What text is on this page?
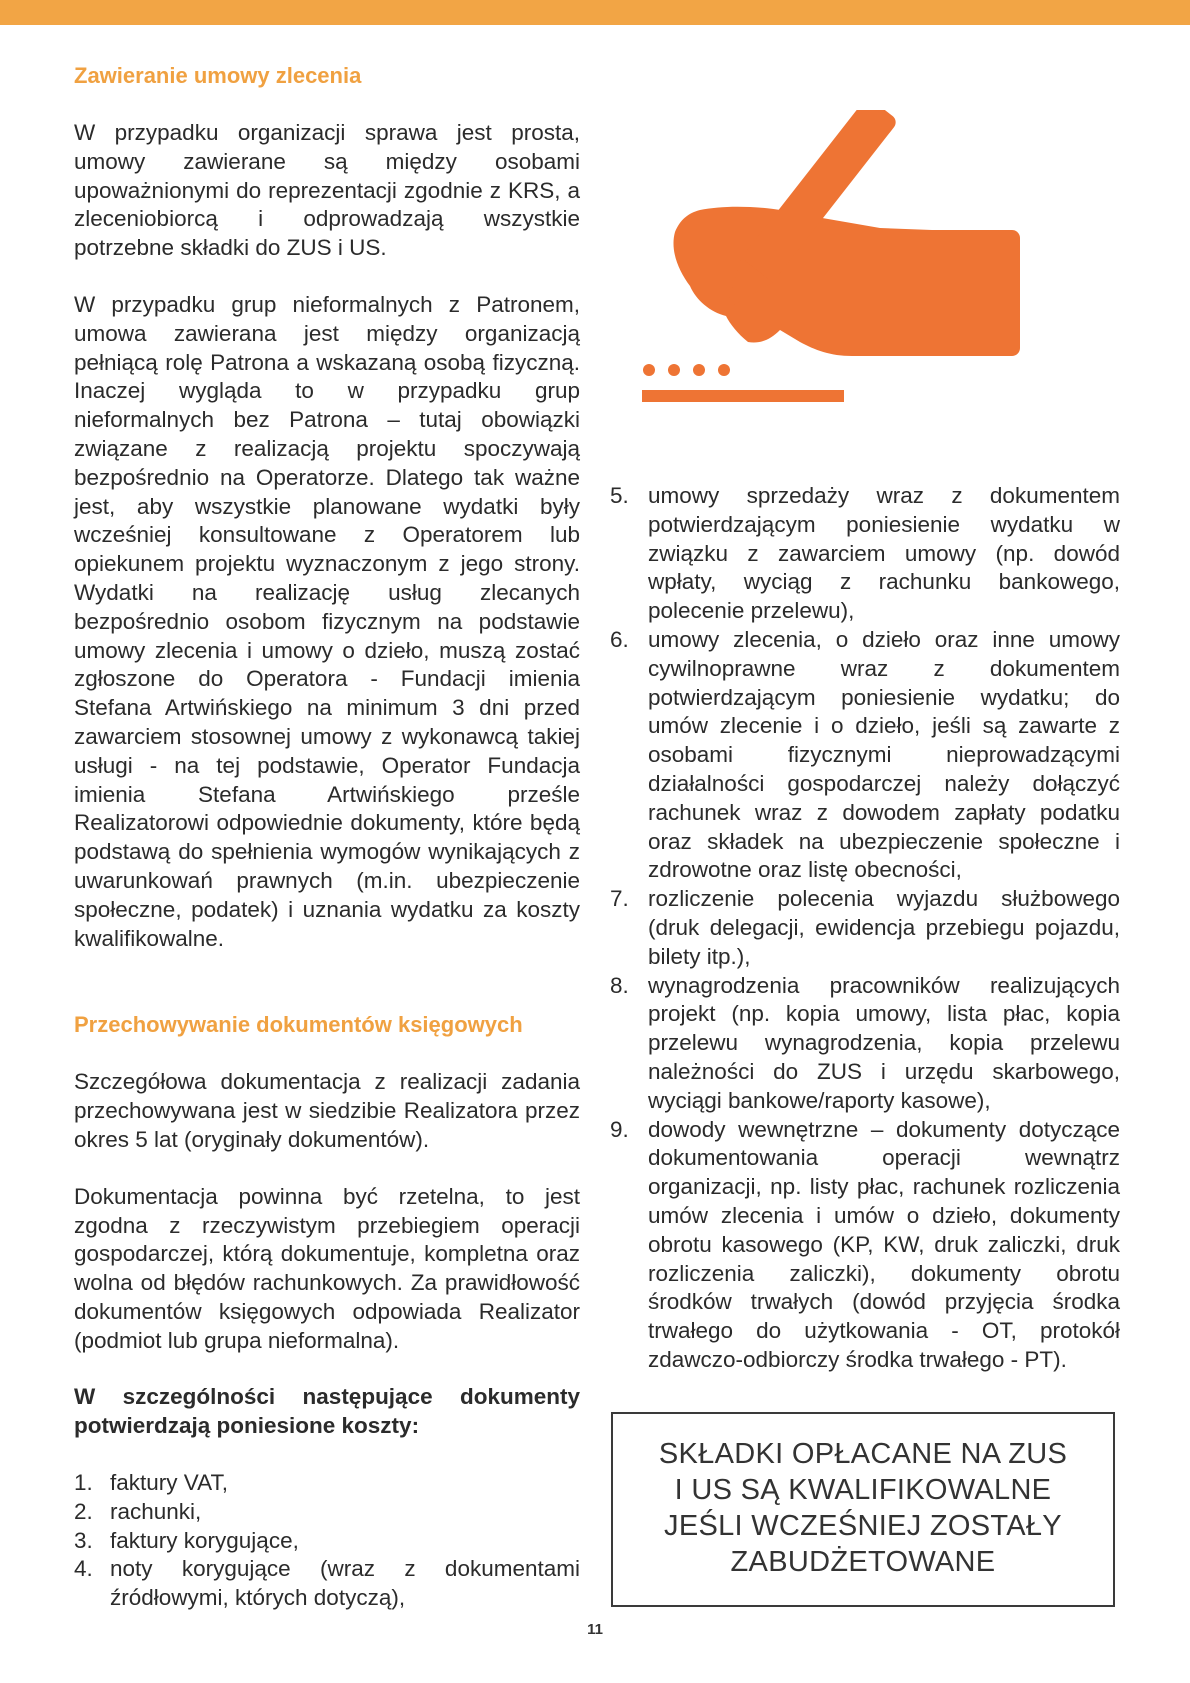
Zawieranie umowy zlecenia

W przypadku organizacji sprawa jest prosta, umowy zawierane są między osobami upoważnionymi do reprezentacji zgodnie z KRS, a zleceniobiorcą i odprowadzają wszystkie potrzebne składki do ZUS i US.

W przypadku grup nieformalnych z Patronem, umowa zawierana jest między organizacją pełniącą rolę Patrona a wskazaną osobą fizyczną. Inaczej wygląda to w przypadku grup nieformalnych bez Patrona – tutaj obowiązki związane z realizacją projektu spoczywają bezpośrednio na Operatorze. Dlatego tak ważne jest, aby wszystkie planowane wydatki były wcześniej konsultowane z Operatorem lub opiekunem projektu wyznaczonym z jego strony. Wydatki na realizację usług zlecanych bezpośrednio osobom fizycznym na podstawie umowy zlecenia i umowy o dzieło, muszą zostać zgłoszone do Operatora - Fundacji imienia Stefana Artwińskiego na minimum 3 dni przed zawarciem stosownej umowy z wykonawcą takiej usługi - na tej podstawie, Operator Fundacja imienia Stefana Artwińskiego prześle Realizatorowi odpowiednie dokumenty, które będą podstawą do spełnienia wymogów wynikających z uwarunkowań prawnych (m.in. ubezpieczenie społeczne, podatek) i uznania wydatku za koszty kwalifikowalne.

Przechowywanie dokumentów księgowych

Szczegółowa dokumentacja z realizacji zadania przechowywana jest w siedzibie Realizatora przez okres 5 lat (oryginały dokumentów).

Dokumentacja powinna być rzetelna, to jest zgodna z rzeczywistym przebiegiem operacji gospodarczej, którą dokumentuje, kompletna oraz wolna od błędów rachunkowych. Za prawidłowość dokumentów księgowych odpowiada Realizator (podmiot lub grupa nieformalna).

W szczególności następujące dokumenty potwierdzają poniesione koszty:

1. faktury VAT,
2. rachunki,
3. faktury korygujące,
4. noty korygujące (wraz z dokumentami źródłowymi, których dotyczą),
5. umowy sprzedaży wraz z dokumentem potwierdzającym poniesienie wydatku w związku z zawarciem umowy (np. dowód wpłaty, wyciąg z rachunku bankowego, polecenie przelewu),
6. umowy zlecenia, o dzieło oraz inne umowy cywilnoprawne wraz z dokumentem potwierdzającym poniesienie wydatku; do umów zlecenie i o dzieło, jeśli są zawarte z osobami fizycznymi nieprowadzącymi działalności gospodarczej należy dołączyć rachunek wraz z dowodem zapłaty podatku oraz składek na ubezpieczenie społeczne i zdrowotne oraz listę obecności,
7. rozliczenie polecenia wyjazdu służbowego (druk delegacji, ewidencja przebiegu pojazdu, bilety itp.),
8. wynagrodzenia pracowników realizujących projekt (np. kopia umowy, lista płac, kopia przelewu wynagrodzenia, kopia przelewu należności do ZUS i urzędu skarbowego, wyciągi bankowe/raporty kasowe),
9. dowody wewnętrzne – dokumenty dotyczące dokumentowania operacji wewnątrz organizacji, np. listy płac, rachunek rozliczenia umów zlecenia i umów o dzieło, dokumenty obrotu kasowego (KP, KW, druk zaliczki, druk rozliczenia zaliczki), dokumenty obrotu środków trwałych (dowód przyjęcia środka trwałego do użytkowania - OT, protokół zdawczo-odbiorczy środka trwałego - PT).
SKŁADKI OPŁACANE NA ZUS
I US SĄ KWALIFIKOWALNE
JEŚLI WCZEŚNIEJ ZOSTAŁY
ZABUDŻETOWANE
11
